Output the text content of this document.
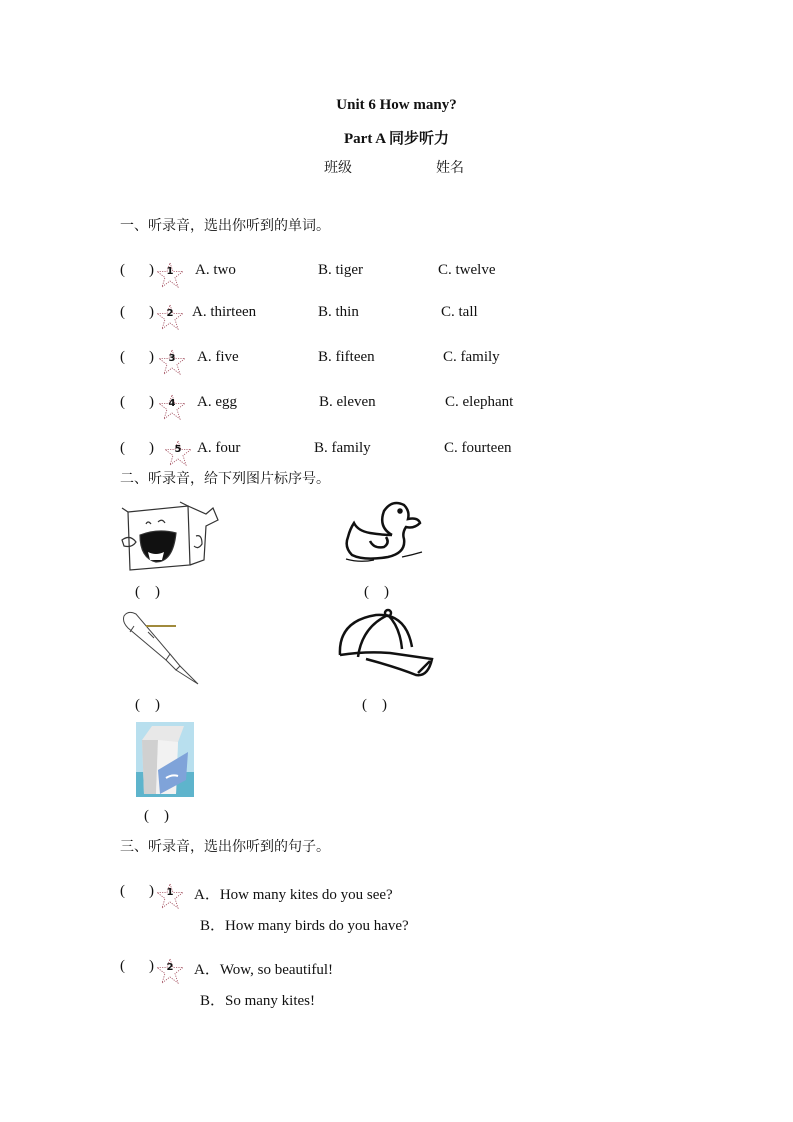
Unit 6 How many?
Part A 同步听力
班级	姓名
一、听录音，选出你听到的单词。
( )	1	A. two	B. tiger	C. twelve
( )	2	A. thirteen	B. thin	C. tall
( )	3	A. five	B. fifteen	C. family
( )	4	A. egg	B. eleven	C. elephant
( )	5	A. four	B. family	C. fourteen
二、听录音，给下列图片标序号。
(    )	(    )
(    )	(    )
(    )
三、听录音，选出你听到的句子。
( )	1	A．How many kites do you see?
B．How many birds do you have?
( )	2	A．Wow, so beautiful!
B．So many kites!
